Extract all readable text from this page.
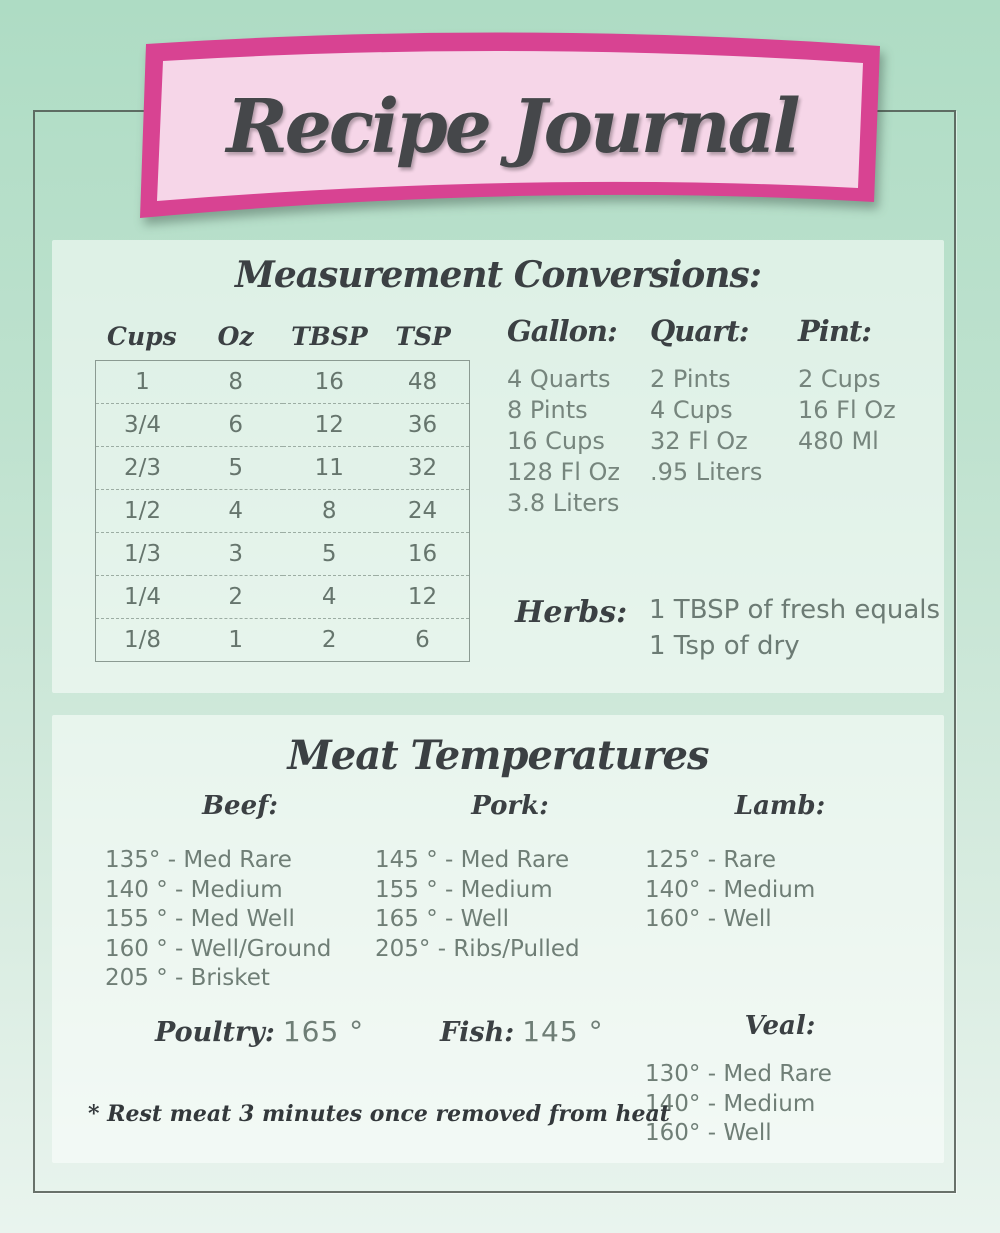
Recipe Journal
Measurement Conversions:
Cups	Oz	TBSP	TSP
1	8	16	48
3/4	6	12	36
2/3	5	11	32
1/2	4	8	24
1/3	3	5	16
1/4	2	4	12
1/8	1	2	6
Gallon:
4 Quarts
8 Pints
16 Cups
128 Fl Oz
3.8 Liters
Quart:
2 Pints
4 Cups
32 Fl Oz
.95 Liters
Pint:
2 Cups
16 Fl Oz
480 Ml
Herbs: 1 TBSP of fresh equals 1 Tsp of dry
Meat Temperatures
Beef:
135° - Med Rare
140 ° - Medium
155 ° - Med Well
160 ° - Well/Ground
205 ° - Brisket
Pork:
145 ° - Med Rare
155 ° - Medium
165 ° - Well
205° - Ribs/Pulled
Lamb:
125° - Rare
140° - Medium
160° - Well
Poultry: 165 °	Fish: 145 °	Veal:
130° - Med Rare
140° - Medium
160° - Well
* Rest meat 3 minutes once removed from heat
